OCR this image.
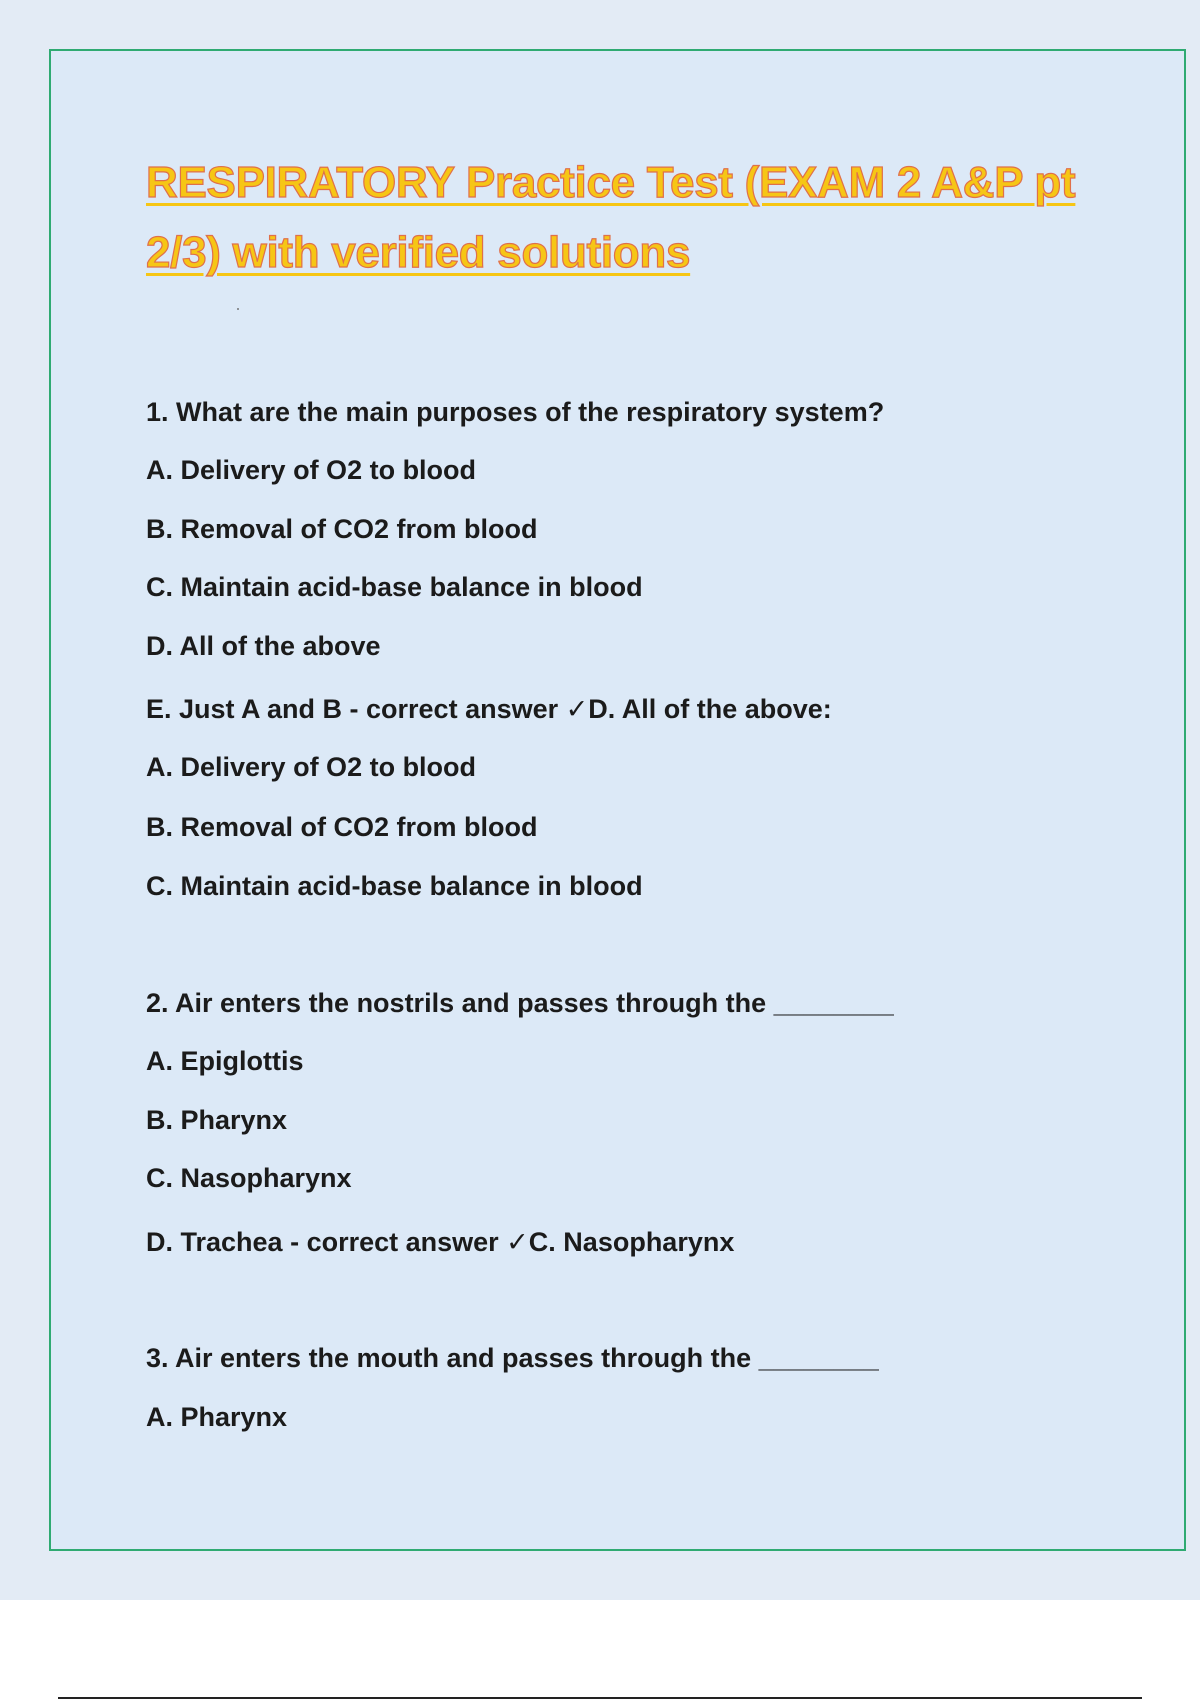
RESPIRATORY Practice Test (EXAM 2 A&P pt 2/3) with verified solutions
1. What are the main purposes of the respiratory system?
A. Delivery of O2 to blood
B. Removal of CO2 from blood
C. Maintain acid-base balance in blood
D. All of the above
E. Just A and B - correct answer ✓D. All of the above:
A. Delivery of O2 to blood
B. Removal of CO2 from blood
C. Maintain acid-base balance in blood
2. Air enters the nostrils and passes through the ________
A. Epiglottis
B. Pharynx
C. Nasopharynx
D. Trachea - correct answer ✓C. Nasopharynx
3. Air enters the mouth and passes through the ________
A. Pharynx
